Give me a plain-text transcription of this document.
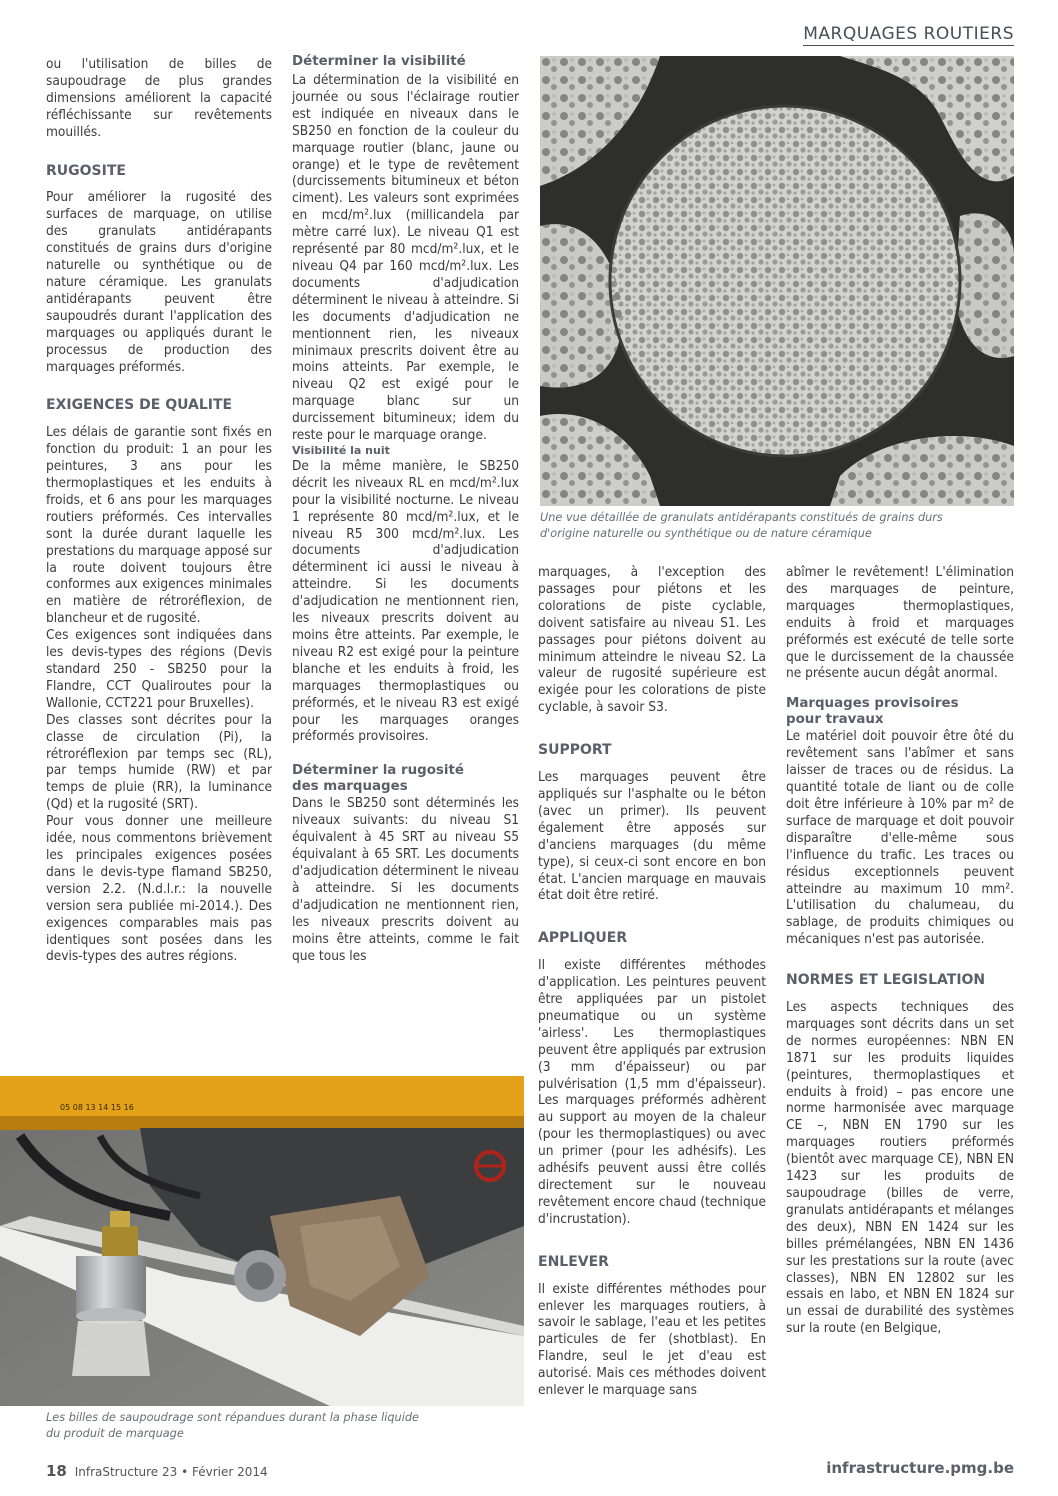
MARQUAGES ROUTIERS

ou l'utilisation de billes de saupoudrage de plus grandes dimensions améliorent la capacité réfléchissante sur revêtements mouillés.

RUGOSITE

Pour améliorer la rugosité des surfaces de marquage, on utilise des granulats antidérapants constitués de grains durs d'origine naturelle ou synthétique ou de nature céramique. Les granulats antidérapants peuvent être saupoudrés durant l'application des marquages ou appliqués durant le processus de production des marquages préformés.

EXIGENCES DE QUALITE

Les délais de garantie sont fixés en fonction du produit: 1 an pour les peintures, 3 ans pour les thermoplastiques et les enduits à froids, et 6 ans pour les marquages routiers préformés. Ces intervalles sont la durée durant laquelle les prestations du marquage apposé sur la route doivent toujours être conformes aux exigences minimales en matière de rétroréflexion, de blancheur et de rugosité.

Ces exigences sont indiquées dans les devis-types des régions (Devis standard 250 - SB250 pour la Flandre, CCT Qualiroutes pour la Wallonie, CCT221 pour Bruxelles).

Des classes sont décrites pour la classe de circulation (Pi), la rétroréflexion par temps sec (RL), par temps humide (RW) et par temps de pluie (RR), la luminance (Qd) et la rugosité (SRT).

Pour vous donner une meilleure idée, nous commentons brièvement les principales exigences posées dans le devis-type flamand SB250, version 2.2. (N.d.l.r.: la nouvelle version sera publiée mi-2014.). Des exigences comparables mais pas identiques sont posées dans les devis-types des autres régions.

Déterminer la visibilité

La détermination de la visibilité en journée ou sous l'éclairage routier est indiquée en niveaux dans le SB250 en fonction de la couleur du marquage routier (blanc, jaune ou orange) et le type de revêtement (durcissements bitumineux et béton ciment). Les valeurs sont exprimées en mcd/m².lux (millicandela par mètre carré lux). Le niveau Q1 est représenté par 80 mcd/m².lux, et le niveau Q4 par 160 mcd/m².lux. Les documents d'adjudication déterminent le niveau à atteindre. Si les documents d'adjudication ne mentionnent rien, les niveaux minimaux prescrits doivent être au moins atteints. Par exemple, le niveau Q2 est exigé pour le marquage blanc sur un durcissement bitumineux; idem du reste pour le marquage orange.

Visibilité la nuit

De la même manière, le SB250 décrit les niveaux RL en mcd/m².lux pour la visibilité nocturne. Le niveau 1 représente 80 mcd/m².lux, et le niveau R5 300 mcd/m².lux. Les documents d'adjudication déterminent ici aussi le niveau à atteindre. Si les documents d'adjudication ne mentionnent rien, les niveaux prescrits doivent au moins être atteints. Par exemple, le niveau R2 est exigé pour la peinture blanche et les enduits à froid, les marquages thermoplastiques ou préformés, et le niveau R3 est exigé pour les marquages oranges préformés provisoires.

Déterminer la rugosité
des marquages

Dans le SB250 sont déterminés les niveaux suivants: du niveau S1 équivalent à 45 SRT au niveau S5 équivalant à 65 SRT. Les documents d'adjudication déterminent le niveau à atteindre. Si les documents d'adjudication ne mentionnent rien, les niveaux prescrits doivent au moins être atteints, comme le fait que tous les

Une vue détaillée de granulats antidérapants constitués de grains durs d'origine naturelle ou synthétique ou de nature céramique

marquages, à l'exception des passages pour piétons et les colorations de piste cyclable, doivent satisfaire au niveau S1. Les passages pour piétons doivent au minimum atteindre le niveau S2. La valeur de rugosité supérieure est exigée pour les colorations de piste cyclable, à savoir S3.

SUPPORT

Les marquages peuvent être appliqués sur l'asphalte ou le béton (avec un primer). Ils peuvent également être apposés sur d'anciens marquages (du même type), si ceux-ci sont encore en bon état. L'ancien marquage en mauvais état doit être retiré.

APPLIQUER

Il existe différentes méthodes d'application. Les peintures peuvent être appliquées par un pistolet pneumatique ou un système 'airless'. Les thermoplastiques peuvent être appliqués par extrusion (3 mm d'épaisseur) ou par pulvérisation (1,5 mm d'épaisseur). Les marquages préformés adhèrent au support au moyen de la chaleur (pour les thermoplastiques) ou avec un primer (pour les adhésifs). Les adhésifs peuvent aussi être collés directement sur le nouveau revêtement encore chaud (technique d'incrustation).

ENLEVER

Il existe différentes méthodes pour enlever les marquages routiers, à savoir le sablage, l'eau et les petites particules de fer (shotblast). En Flandre, seul le jet d'eau est autorisé. Mais ces méthodes doivent enlever le marquage sans

abîmer le revêtement! L'élimination des marquages de peinture, marquages thermoplastiques, enduits à froid et marquages préformés est exécuté de telle sorte que le durcissement de la chaussée ne présente aucun dégât anormal.

Marquages provisoires
pour travaux

Le matériel doit pouvoir être ôté du revêtement sans l'abîmer et sans laisser de traces ou de résidus. La quantité totale de liant ou de colle doit être inférieure à 10% par m² de surface de marquage et doit pouvoir disparaître d'elle-même sous l'influence du trafic. Les traces ou résidus exceptionnels peuvent atteindre au maximum 10 mm². L'utilisation du chalumeau, du sablage, de produits chimiques ou mécaniques n'est pas autorisée.

NORMES ET LEGISLATION

Les aspects techniques des marquages sont décrits dans un set de normes européennes: NBN EN 1871 sur les produits liquides (peintures, thermoplastiques et enduits à froid) – pas encore une norme harmonisée avec marquage CE –, NBN EN 1790 sur les marquages routiers préformés (bientôt avec marquage CE), NBN EN 1423 sur les produits de saupoudrage (billes de verre, granulats antidérapants et mélanges des deux), NBN EN 1424 sur les billes prémélangées, NBN EN 1436 sur les prestations sur la route (avec classes), NBN EN 12802 sur les essais en labo, et NBN EN 1824 sur un essai de durabilité des systèmes sur la route (en Belgique,

05 08 13 14 15 16
Les billes de saupoudrage sont répandues durant la phase liquide du produit de marquage
18 InfraStructure 23 • Février 2014	infrastructure.pmg.be
